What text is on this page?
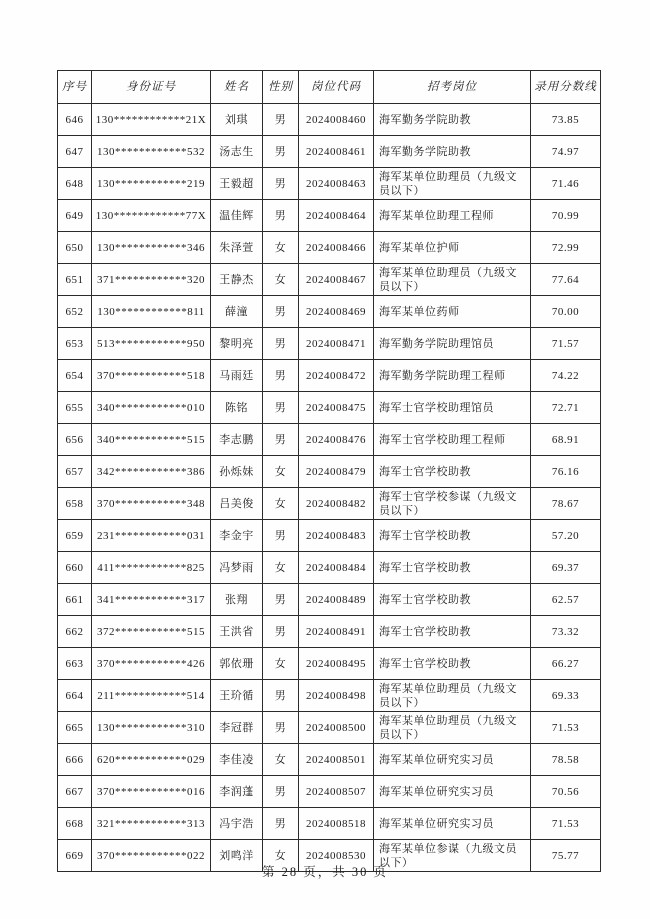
序号	身份证号	姓名	性别	岗位代码	招考岗位	录用分数线
646	130************21X	刘琪	男	2024008460	海军勤务学院助教	73.85
647	130************532	汤志生	男	2024008461	海军勤务学院助教	74.97
648	130************219	王毅超	男	2024008463	海军某单位助理员（九级文员以下）	71.46
649	130************77X	温佳辉	男	2024008464	海军某单位助理工程师	70.99
650	130************346	朱泽萱	女	2024008466	海军某单位护师	72.99
651	371************320	王静杰	女	2024008467	海军某单位助理员（九级文员以下）	77.64
652	130************811	薛潼	男	2024008469	海军某单位药师	70.00
653	513************950	黎明亮	男	2024008471	海军勤务学院助理馆员	71.57
654	370************518	马雨廷	男	2024008472	海军勤务学院助理工程师	74.22
655	340************010	陈铭	男	2024008475	海军士官学校助理馆员	72.71
656	340************515	李志鹏	男	2024008476	海军士官学校助理工程师	68.91
657	342************386	孙烁妹	女	2024008479	海军士官学校助教	76.16
658	370************348	吕美俊	女	2024008482	海军士官学校参谋（九级文员以下）	78.67
659	231************031	李金宇	男	2024008483	海军士官学校助教	57.20
660	411************825	冯梦雨	女	2024008484	海军士官学校助教	69.37
661	341************317	张翔	男	2024008489	海军士官学校助教	62.57
662	372************515	王洪省	男	2024008491	海军士官学校助教	73.32
663	370************426	郭依珊	女	2024008495	海军士官学校助教	66.27
664	211************514	王玠循	男	2024008498	海军某单位助理员（九级文员以下）	69.33
665	130************310	李冠群	男	2024008500	海军某单位助理员（九级文员以下）	71.53
666	620************029	李佳凌	女	2024008501	海军某单位研究实习员	78.58
667	370************016	李润蓬	男	2024008507	海军某单位研究实习员	70.56
668	321************313	冯宇浩	男	2024008518	海军某单位研究实习员	71.53
669	370************022	刘鸣洋	女	2024008530	海军某单位参谋（九级文员以下）	75.77
第 28 页，共 30 页
